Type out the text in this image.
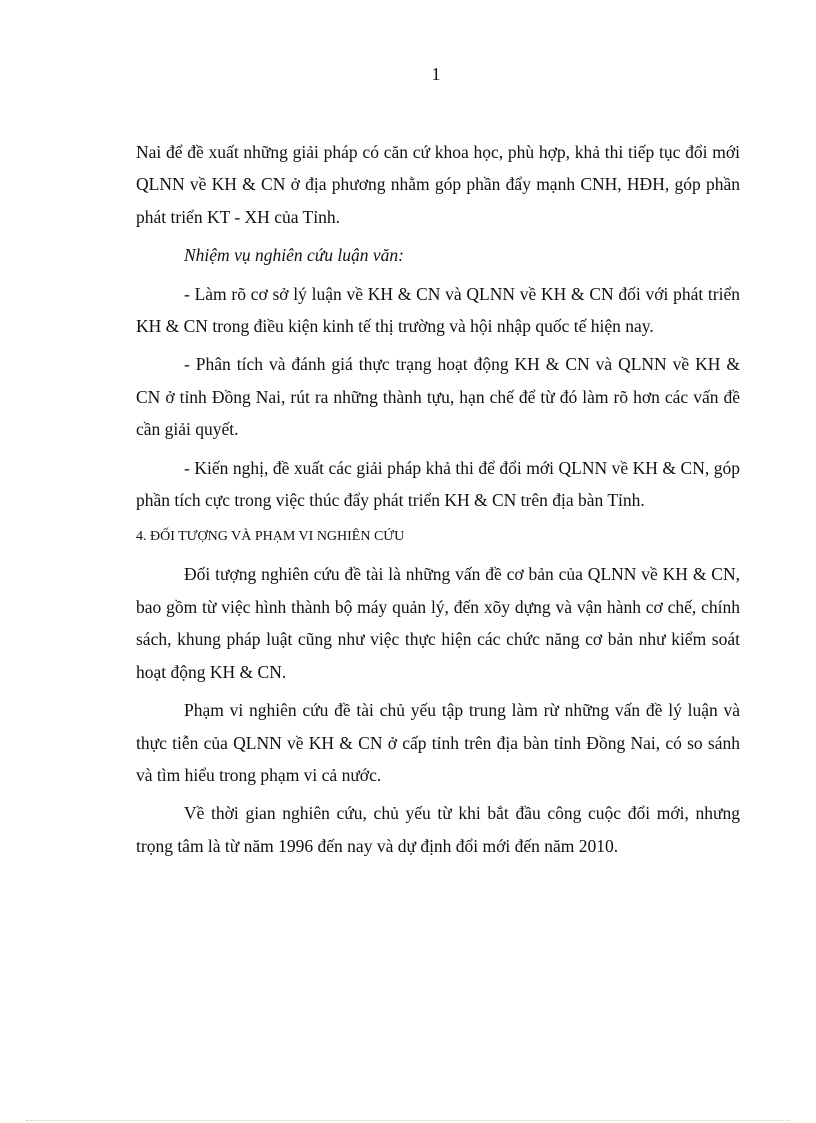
1

Nai để đề xuất những giải pháp có căn cứ khoa học, phù hợp, khả thi tiếp tục đổi mới QLNN về KH & CN ở địa phương nhằm góp phần đẩy mạnh CNH, HĐH, góp phần phát triển KT - XH của Tỉnh.

Nhiệm vụ nghiên cứu luận văn:

- Làm rõ cơ sở lý luận về KH & CN và QLNN về KH & CN đối với phát triển KH & CN trong điều kiện kinh tế thị trường và hội nhập quốc tế hiện nay.

- Phân tích và đánh giá thực trạng hoạt động KH & CN và QLNN về KH & CN ở tỉnh Đồng Nai, rút ra những thành tựu, hạn chế để từ đó làm rõ hơn các vấn đề cần giải quyết.

- Kiến nghị, đề xuất các giải pháp khả thi để đổi mới QLNN về KH & CN, góp phần tích cực trong việc thúc đẩy phát triển KH & CN trên địa bàn Tỉnh.

4. ĐỐI TƯỢNG VÀ PHẠM VI NGHIÊN CỨU

Đối tượng nghiên cứu đề tài là những vấn đề cơ bản của QLNN về KH & CN, bao gồm từ việc hình thành bộ máy quản lý, đến xõy dựng và vận hành cơ chế, chính sách, khung pháp luật cũng như việc thực hiện các chức năng cơ bản như kiểm soát hoạt động KH & CN.

Phạm vi nghiên cứu đề tài chủ yếu tập trung làm rừ những vấn đề lý luận và thực tiễn của QLNN về KH & CN ở cấp tỉnh trên địa bàn tỉnh Đồng Nai, có so sánh và tìm hiểu trong phạm vi cả nước.

Về thời gian nghiên cứu, chủ yếu từ khi bắt đầu công cuộc đổi mới, nhưng trọng tâm là từ năm 1996 đến nay và dự định đổi mới đến năm 2010.
